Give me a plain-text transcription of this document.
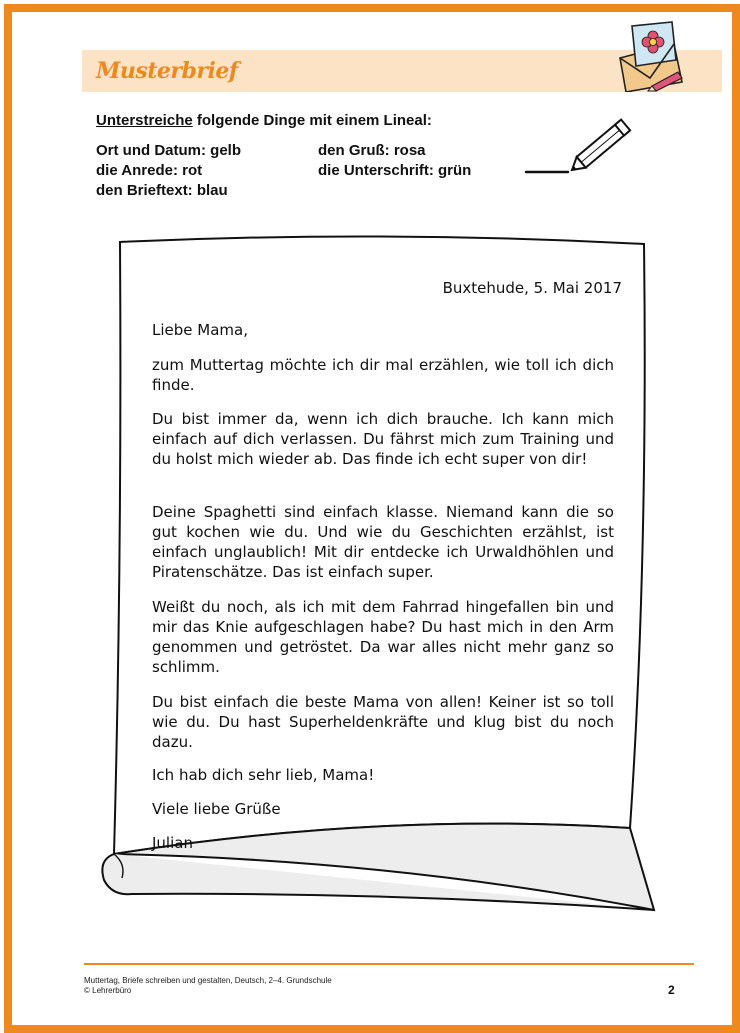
Musterbrief
Unterstreiche folgende Dinge mit einem Lineal:
Ort und Datum: gelb
die Anrede: rot
den Brieftext: blau
den Gruß: rosa
die Unterschrift: grün
Buxtehude, 5. Mai 2017
Liebe Mama,
zum Muttertag möchte ich dir mal erzählen, wie toll ich dich finde.
Du bist immer da, wenn ich dich brauche. Ich kann mich einfach auf dich verlassen. Du fährst mich zum Training und du holst mich wieder ab. Das finde ich echt super von dir!
Deine Spaghetti sind einfach klasse. Niemand kann die so gut kochen wie du. Und wie du Geschichten erzählst, ist einfach unglaublich! Mit dir entdecke ich Urwaldhöhlen und Piratenschätze. Das ist einfach super.
Weißt du noch, als ich mit dem Fahrrad hingefallen bin und mir das Knie aufgeschlagen habe? Du hast mich in den Arm genommen und getröstet. Da war alles nicht mehr ganz so schlimm.
Du bist einfach die beste Mama von allen! Keiner ist so toll wie du. Du hast Superheldenkräfte und klug bist du noch dazu.
Ich hab dich sehr lieb, Mama!
Viele liebe Grüße
Julian
Muttertag, Briefe schreiben und gestalten, Deutsch, 2–4. Grundschule
© Lehrerbüro	2
